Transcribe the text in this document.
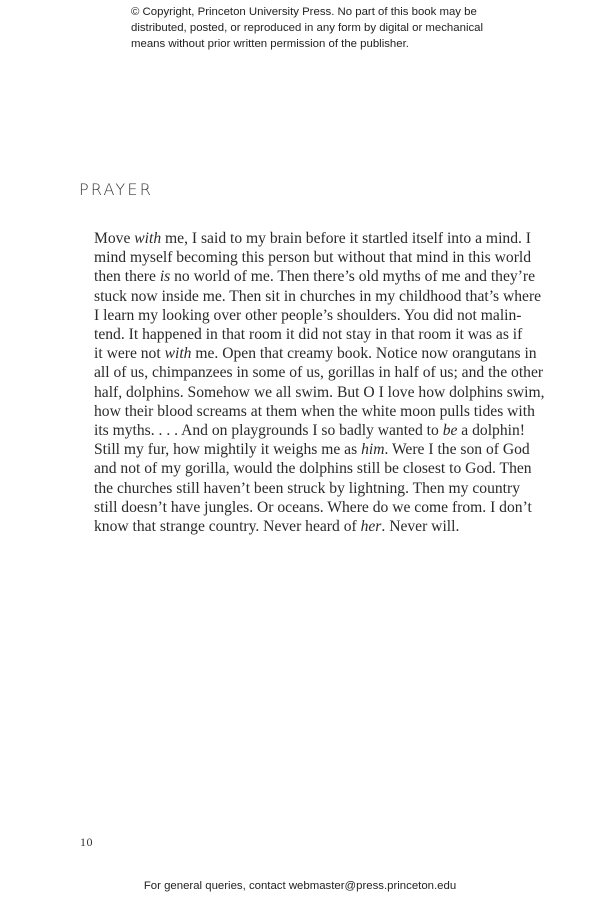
© Copyright, Princeton University Press. No part of this book may be
distributed, posted, or reproduced in any form by digital or mechanical
means without prior written permission of the publisher.
PRAYER
Move with me, I said to my brain before it startled itself into a mind. I
mind myself becoming this person but without that mind in this world
then there is no world of me. Then there’s old myths of me and they’re
stuck now inside me. Then sit in churches in my childhood that’s where
I learn my looking over other people’s shoulders. You did not malin-
tend. It happened in that room it did not stay in that room it was as if
it were not with me. Open that creamy book. Notice now orangutans in
all of us, chimpanzees in some of us, gorillas in half of us; and the other
half, dolphins. Somehow we all swim. But O I love how dolphins swim,
how their blood screams at them when the white moon pulls tides with
its myths. . . . And on playgrounds I so badly wanted to be a dolphin!
Still my fur, how mightily it weighs me as him. Were I the son of God
and not of my gorilla, would the dolphins still be closest to God. Then
the churches still haven’t been struck by lightning. Then my country
still doesn’t have jungles. Or oceans. Where do we come from. I don’t
know that strange country. Never heard of her. Never will.
10
For general queries, contact webmaster@press.princeton.edu
